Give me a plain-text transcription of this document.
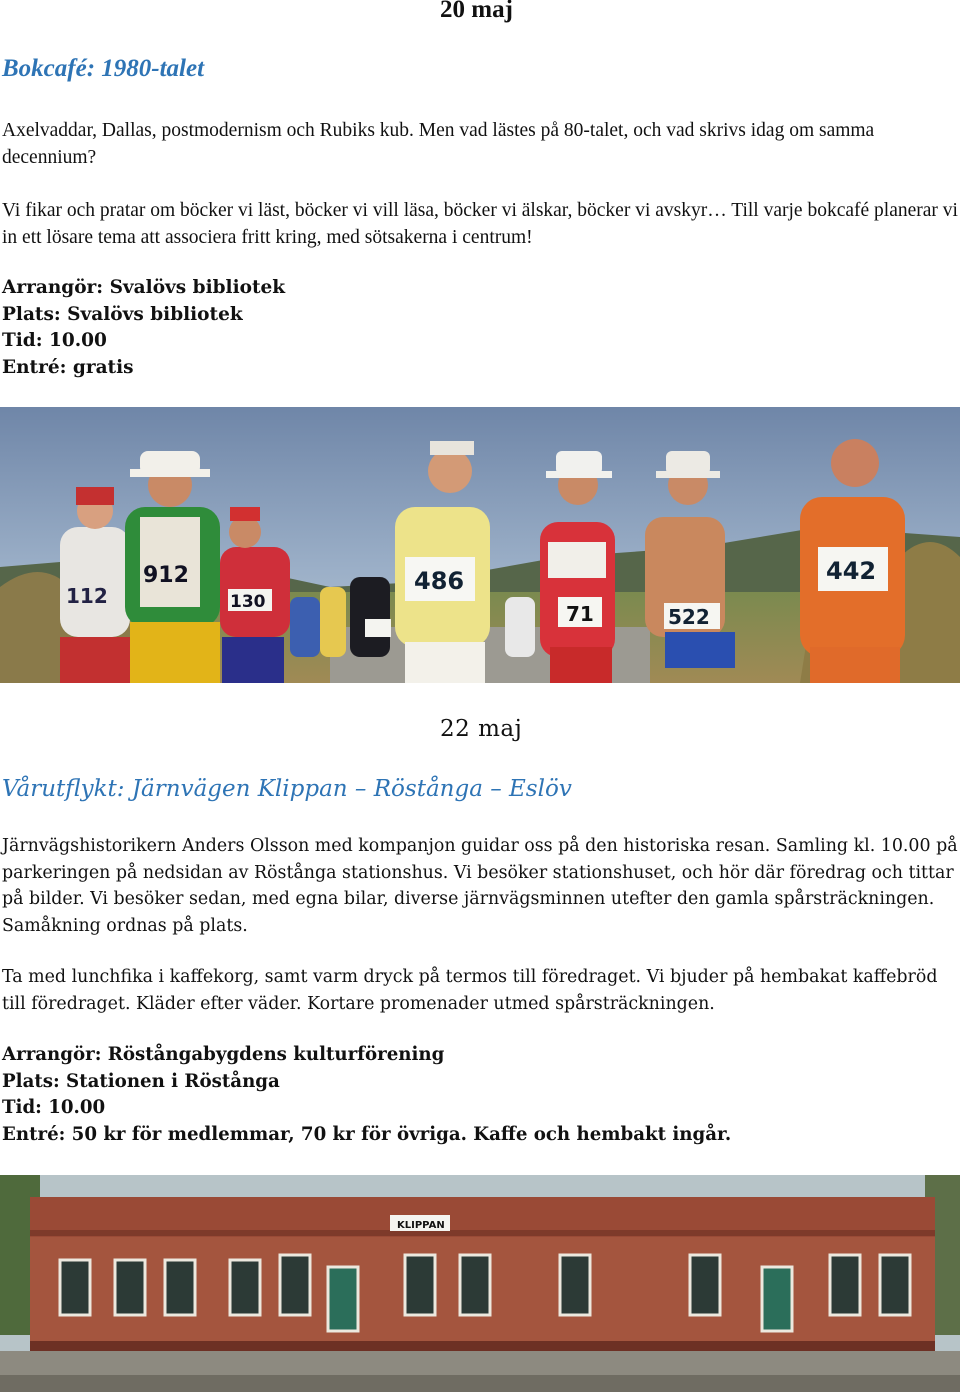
20 maj
Bokcafé: 1980-talet
Axelvaddar, Dallas, postmodernism och Rubiks kub. Men vad lästes på 80-talet, och vad skrivs idag om samma decennium?
Vi fikar och pratar om böcker vi läst, böcker vi vill läsa, böcker vi älskar, böcker vi avskyr… Till varje bokcafé planerar vi in ett lösare tema att associera fritt kring, med sötsakerna i centrum!
Arrangör: Svalövs bibliotek
Plats: Svalövs bibliotek
Tid: 10.00
Entré: gratis
112
912
130
486
71	522
442
22 maj
Vårutflykt: Järnvägen Klippan – Röstånga – Eslöv
Järnvägshistorikern Anders Olsson med kompanjon guidar oss på den historiska resan. Samling kl. 10.00 på parkeringen på nedsidan av Röstånga stationshus. Vi besöker stationshuset, och hör där föredrag och tittar på bilder. Vi besöker sedan, med egna bilar, diverse järnvägsminnen utefter den gamla spårsträckningen. Samåkning ordnas på plats.
Ta med lunchfika i kaffekorg, samt varm dryck på termos till föredraget. Vi bjuder på hembakat kaffebröd till föredraget. Kläder efter väder. Kortare promenader utmed spårsträckningen.
Arrangör: Röstångabygdens kulturförening
Plats: Stationen i Röstånga
Tid: 10.00
Entré: 50 kr för medlemmar, 70 kr för övriga. Kaffe och hembakt ingår.
KLIPPAN
